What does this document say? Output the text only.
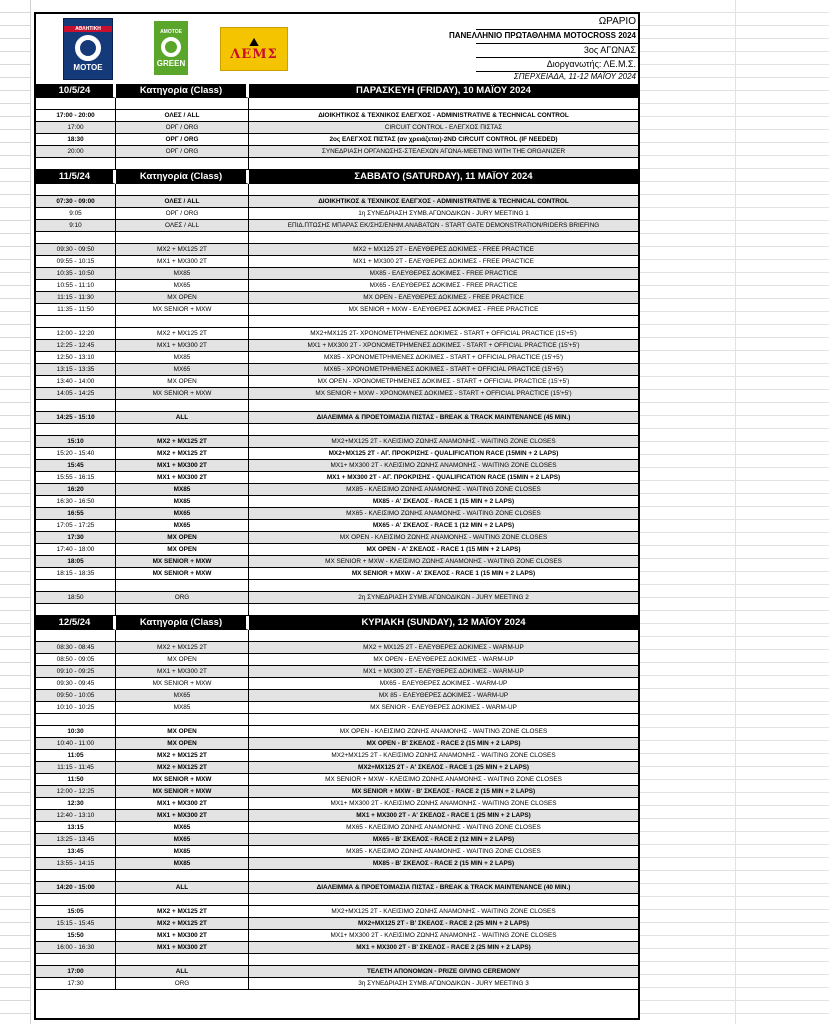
ΑΘΛΗΤΙΚΗ
MOTOE
ΑΜΟΤΟΕ
GREEN
⛰
ΛΕΜΣ
ΩΡΑΡΙΟ
ΠΑΝΕΛΛΗΝΙΟ ΠΡΩΤΑΘΛΗΜΑ MOTOCROSS 2024
3ος ΑΓΩΝΑΣ
Διοργανωτής: ΛΕ.Μ.Σ.
ΣΠΕΡΧΕΙΑΔΑ, 11-12 ΜΑΪΟΥ 2024
10/5/24	Κατηγορία (Class)	ΠΑΡΑΣΚΕΥΗ (FRIDAY), 10 ΜΑΪΟΥ 2024
17:00 - 20:00	ΟΛΕΣ / ALL	ΔΙΟΙΚΗΤΙΚΟΣ & ΤΕΧΝΙΚΟΣ ΕΛΕΓΧΟΣ - ADMINISTRATIVE & TECHNICAL CONTROL
17:00	ΟΡΓ / ORG	CIRCUIT CONTROL - ΕΛΕΓΧΟΣ ΠΙΣΤΑΣ
18:30	ΟΡΓ / ORG	2ος ΕΛΕΓΧΟΣ ΠΙΣΤΑΣ (αν χρειάζεται)-2ND CIRCUIT CONTROL (IF NEEDED)
20:00	ΟΡΓ / ORG	ΣΥΝΕΔΡΙΑΣΗ ΟΡΓΑΝΩΣΗΣ-ΣΤΕΛΕΧΩΝ ΑΓΩΝΑ-MEETING WITH THE ORGANIZER
11/5/24	Κατηγορία (Class)	ΣΑΒΒΑΤΟ (SATURDAY), 11 ΜΑΪΟΥ 2024
07:30 - 09:00	ΟΛΕΣ / ALL	ΔΙΟΙΚΗΤΙΚΟΣ & ΤΕΧΝΙΚΟΣ ΕΛΕΓΧΟΣ - ADMINISTRATIVE & TECHNICAL CONTROL
9:05	ΟΡΓ / ORG	1η ΣΥΝΕΔΡΙΑΣΗ ΣΥΜΒ.ΑΓΩΝΟΔΙΚΩΝ - JURY MEETING 1
9:10	ΟΛΕΣ / ALL	ΕΠΙΔ.ΠΤΩΣΗΣ ΜΠΑΡΑΣ ΕΚ/ΣΗΣ/ΕΝΗΜ.ΑΝΑΒΑΤΩΝ - START GATE DEMONSTRATION/RIDERS BRIEFING
09:30 - 09:50	MX2 + MX125 2T	MX2 + MX125 2T - ΕΛΕΥΘΕΡΕΣ ΔΟΚΙΜΕΣ - FREE PRACTICE
09:55 - 10:15	MX1 + MX300 2T	MX1 + MX300 2T - ΕΛΕΥΘΕΡΕΣ ΔΟΚΙΜΕΣ - FREE PRACTICE
10:35 - 10:50	MX85	MX85 - ΕΛΕΥΘΕΡΕΣ ΔΟΚΙΜΕΣ - FREE PRACTICE
10:55 - 11:10	MX65	MX65 - ΕΛΕΥΘΕΡΕΣ ΔΟΚΙΜΕΣ - FREE PRACTICE
11:15 - 11:30	MX OPEN	MX OPEN - ΕΛΕΥΘΕΡΕΣ ΔΟΚΙΜΕΣ - FREE PRACTICE
11:35 - 11:50	MX SENIOR + MXW	MX SENIOR + MXW - ΕΛΕΥΘΕΡΕΣ ΔΟΚΙΜΕΣ - FREE PRACTICE
12:00 - 12:20	MX2 + MX125 2T	MX2+MX125 2T- ΧΡΟΝΟΜΕΤΡΗΜΕΝΕΣ ΔΟΚΙΜΕΣ - START + OFFICIAL PRACTICE (15'+5')
12:25 - 12:45	MX1 + MX300 2T	MX1 + MX300 2T - ΧΡΟΝΟΜΕΤΡΗΜΕΝΕΣ ΔΟΚΙΜΕΣ - START + OFFICIAL PRACTICE (15'+5')
12:50 - 13:10	MX85	MX85 - ΧΡΟΝΟΜΕΤΡΗΜΕΝΕΣ ΔΟΚΙΜΕΣ - START + OFFICIAL PRACTICE (15'+5')
13:15 - 13:35	MX65	MX65 - ΧΡΟΝΟΜΕΤΡΗΜΕΝΕΣ ΔΟΚΙΜΕΣ - START + OFFICIAL PRACTICE (15'+5')
13:40 - 14:00	MX OPEN	MX OPEN - ΧΡΟΝΟΜΕΤΡΗΜΕΝΕΣ ΔΟΚΙΜΕΣ - START + OFFICIAL PRACTICE (15'+5')
14:05 - 14:25	MX SENIOR + MXW	MX SENIOR + MXW - ΧΡΟΝΟΜ/ΝΕΣ ΔΟΚΙΜΕΣ - START + OFFICIAL PRACTICE (15'+5')
14:25 - 15:10	ALL	ΔΙΑΛΕΙΜΜΑ & ΠΡΟΕΤΟΙΜΑΣΙΑ ΠΙΣΤΑΣ - BREAK & TRACK MAINTENANCE (45 MIN.)
15:10	MX2 + MX125 2T	MX2+MX125 2T - ΚΛΕΙΣΙΜΟ ΖΩΝΗΣ ΑΝΑΜΟΝΗΣ - WAITING ZONE CLOSES
15:20 - 15:40	MX2 + MX125 2T	MX2+MX125 2T - ΑΓ. ΠΡΟΚΡΙΣΗΣ - QUALIFICATION RACE (15MIN + 2 LAPS)
15:45	MX1 + MX300 2T	MX1+ MX300 2T - ΚΛΕΙΣΙΜΟ ΖΩΝΗΣ ΑΝΑΜΟΝΗΣ - WAITING ZONE CLOSES
15:55 - 16:15	MX1 + MX300 2T	MX1 + MX300 2T - ΑΓ. ΠΡΟΚΡΙΣΗΣ - QUALIFICATION RACE (15MIN + 2 LAPS)
16:20	MX85	MX85 - ΚΛΕΙΣΙΜΟ ΖΩΝΗΣ ΑΝΑΜΟΝΗΣ - WAITING ZONE CLOSES
16:30 - 16:50	MX85	MX85 - Α' ΣΚΕΛΟΣ - RACE 1 (15 MIN + 2 LAPS)
16:55	MX65	MX65 - ΚΛΕΙΣΙΜΟ ΖΩΝΗΣ ΑΝΑΜΟΝΗΣ - WAITING ZONE CLOSES
17:05 - 17:25	MX65	MX65 - Α' ΣΚΕΛΟΣ - RACE 1 (12 MIN + 2 LAPS)
17:30	MX OPEN	MX OPEN - ΚΛΕΙΣΙΜΟ ΖΩΝΗΣ ΑΝΑΜΟΝΗΣ - WAITING ZONE CLOSES
17:40 - 18:00	MX OPEN	MX OPEN - Α' ΣΚΕΛΟΣ - RACE 1 (15 MIN + 2 LAPS)
18:05	MX SENIOR + MXW	MX SENIOR + MXW - ΚΛΕΙΣΙΜΟ ΖΩΝΗΣ ΑΝΑΜΟΝΗΣ - WAITING ZONE CLOSES
18:15 - 18:35	MX SENIOR + MXW	MX SENIOR + MXW - Α' ΣΚΕΛΟΣ - RACE 1 (15 MIN + 2 LAPS)
18:50	ORG	2η ΣΥΝΕΔΡΙΑΣΗ ΣΥΜΒ.ΑΓΩΝΟΔΙΚΩΝ - JURY MEETING 2
12/5/24	Κατηγορία (Class)	ΚΥΡΙΑΚΗ (SUNDAY), 12 ΜΑΪΟΥ 2024
08:30 - 08:45	MX2 + MX125 2T	MX2 + MX125 2T - ΕΛΕΥΘΕΡΕΣ ΔΟΚΙΜΕΣ - WARM-UP
08:50 - 09:05	MX OPEN	MX OPEN - ΕΛΕΥΘΕΡΕΣ ΔΟΚΙΜΕΣ - WARM-UP
09:10 - 09:25	MX1 + MX300 2T	MX1 + MX300 2T - ΕΛΕΥΘΕΡΕΣ ΔΟΚΙΜΕΣ - WARM-UP
09:30 - 09:45	MX SENIOR + MXW	MX65 - ΕΛΕΥΘΕΡΕΣ ΔΟΚΙΜΕΣ - WARM-UP
09:50 - 10:05	MX65	MX 85 - ΕΛΕΥΘΕΡΕΣ ΔΟΚΙΜΕΣ - WARM-UP
10:10 - 10:25	MX85	MX SENIOR - ΕΛΕΥΘΕΡΕΣ ΔΟΚΙΜΕΣ - WARM-UP
10:30	MX OPEN	MX OPEN - ΚΛΕΙΣΙΜΟ ΖΩΝΗΣ ΑΝΑΜΟΝΗΣ - WAITING ZONE CLOSES
10:40 - 11:00	MX OPEN	MX OPEN - Β' ΣΚΕΛΟΣ - RACE 2 (15 MIN + 2 LAPS)
11:05	MX2 + MX125 2T	MX2+MX125 2T - ΚΛΕΙΣΙΜΟ ΖΩΝΗΣ ΑΝΑΜΟΝΗΣ - WAITING ZONE CLOSES
11:15 - 11:45	MX2 + MX125 2T	MX2+MX125 2T - Α' ΣΚΕΛΟΣ - RACE 1 (25 MIN + 2 LAPS)
11:50	MX SENIOR + MXW	MX SENIOR + MXW - ΚΛΕΙΣΙΜΟ ΖΩΝΗΣ ΑΝΑΜΟΝΗΣ - WAITING ZONE CLOSES
12:00 - 12:25	MX SENIOR + MXW	MX SENIOR + MXW - Β' ΣΚΕΛΟΣ - RACE 2 (15 MIN + 2 LAPS)
12:30	MX1 + MX300 2T	MX1+ MX300 2T - ΚΛΕΙΣΙΜΟ ΖΩΝΗΣ ΑΝΑΜΟΝΗΣ - WAITING ZONE CLOSES
12:40 - 13:10	MX1 + MX300 2T	MX1 + MX300 2T - Α' ΣΚΕΛΟΣ - RACE 1 (25 MIN + 2 LAPS)
13:15	MX65	MX65 - ΚΛΕΙΣΙΜΟ ΖΩΝΗΣ ΑΝΑΜΟΝΗΣ - WAITING ZONE CLOSES
13:25 - 13:45	MX65	MX65 - Β' ΣΚΕΛΟΣ - RACE 2 (12 MIN + 2 LAPS)
13:45	MX85	MX85 - ΚΛΕΙΣΙΜΟ ΖΩΝΗΣ ΑΝΑΜΟΝΗΣ - WAITING ZONE CLOSES
13:55 - 14:15	MX85	MX85 - Β' ΣΚΕΛΟΣ - RACE 2 (15 MIN + 2 LAPS)
14:20 - 15:00	ALL	ΔΙΑΛΕΙΜΜΑ & ΠΡΟΕΤΟΙΜΑΣΙΑ ΠΙΣΤΑΣ - BREAK & TRACK MAINTENANCE (40 MIN.)
15:05	MX2 + MX125 2T	MX2+MX125 2T - ΚΛΕΙΣΙΜΟ ΖΩΝΗΣ ΑΝΑΜΟΝΗΣ - WAITING ZONE CLOSES
15:15 - 15:45	MX2 + MX125 2T	MX2+MX125 2T - Β' ΣΚΕΛΟΣ - RACE 2 (25 MIN + 2 LAPS)
15:50	MX1 + MX300 2T	MX1+ MX300 2T - ΚΛΕΙΣΙΜΟ ΖΩΝΗΣ ΑΝΑΜΟΝΗΣ - WAITING ZONE CLOSES
16:00 - 16:30	MX1 + MX300 2T	MX1 + MX300 2T - Β' ΣΚΕΛΟΣ - RACE 2 (25 MIN + 2 LAPS)
17:00	ALL	ΤΕΛΕΤΗ ΑΠΟΝΟΜΩΝ - PRIZE GIVING CEREMONY
17:30	ORG	3η ΣΥΝΕΔΡΙΑΣΗ ΣΥΜΒ.ΑΓΩΝΟΔΙΚΩΝ - JURY MEETING 3
